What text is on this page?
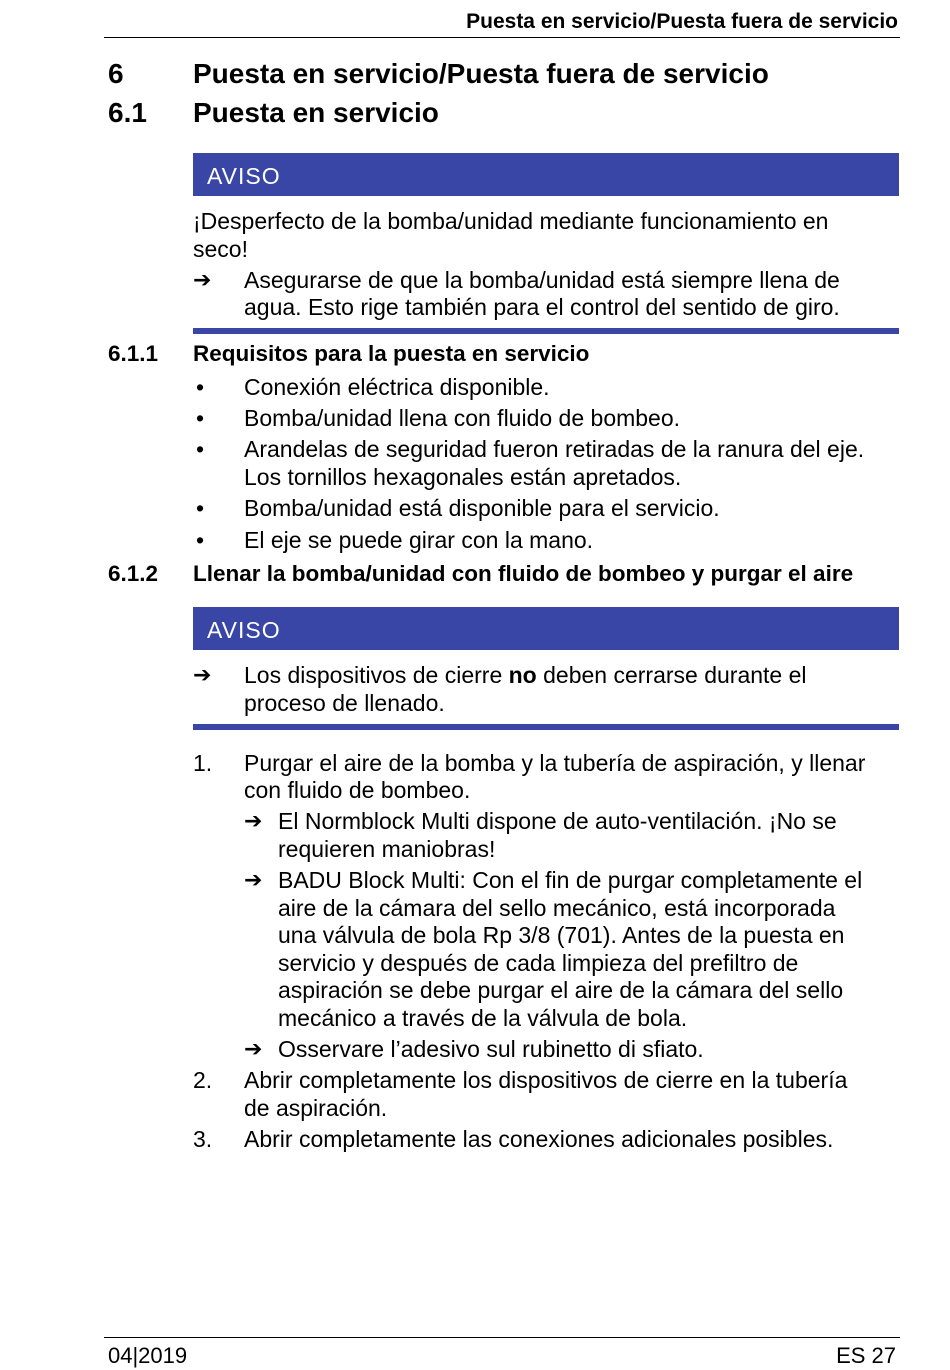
Puesta en servicio/Puesta fuera de servicio
6 Puesta en servicio/Puesta fuera de servicio
6.1 Puesta en servicio
AVISO
¡Desperfecto de la bomba/unidad mediante funcionamiento en
seco!
➔ Asegurarse de que la bomba/unidad está siempre llena de
agua. Esto rige también para el control del sentido de giro.
6.1.1 Requisitos para la puesta en servicio
• Conexión eléctrica disponible.
• Bomba/unidad llena con fluido de bombeo.
• Arandelas de seguridad fueron retiradas de la ranura del eje.
Los tornillos hexagonales están apretados.
• Bomba/unidad está disponible para el servicio.
• El eje se puede girar con la mano.
6.1.2 Llenar la bomba/unidad con fluido de bombeo y purgar el aire
AVISO
➔ Los dispositivos de cierre no deben cerrarse durante el
proceso de llenado.
1. Purgar el aire de la bomba y la tubería de aspiración, y llenar
con fluido de bombeo.
➔ El Normblock Multi dispone de auto-ventilación. ¡No se
requieren maniobras!
➔ BADU Block Multi: Con el fin de purgar completamente el
aire de la cámara del sello mecánico, está incorporada
una válvula de bola Rp 3/8 (701). Antes de la puesta en
servicio y después de cada limpieza del prefiltro de
aspiración se debe purgar el aire de la cámara del sello
mecánico a través de la válvula de bola.
➔ Osservare l’adesivo sul rubinetto di sfiato.
2. Abrir completamente los dispositivos de cierre en la tubería
de aspiración.
3. Abrir completamente las conexiones adicionales posibles.
04|2019	ES 27
